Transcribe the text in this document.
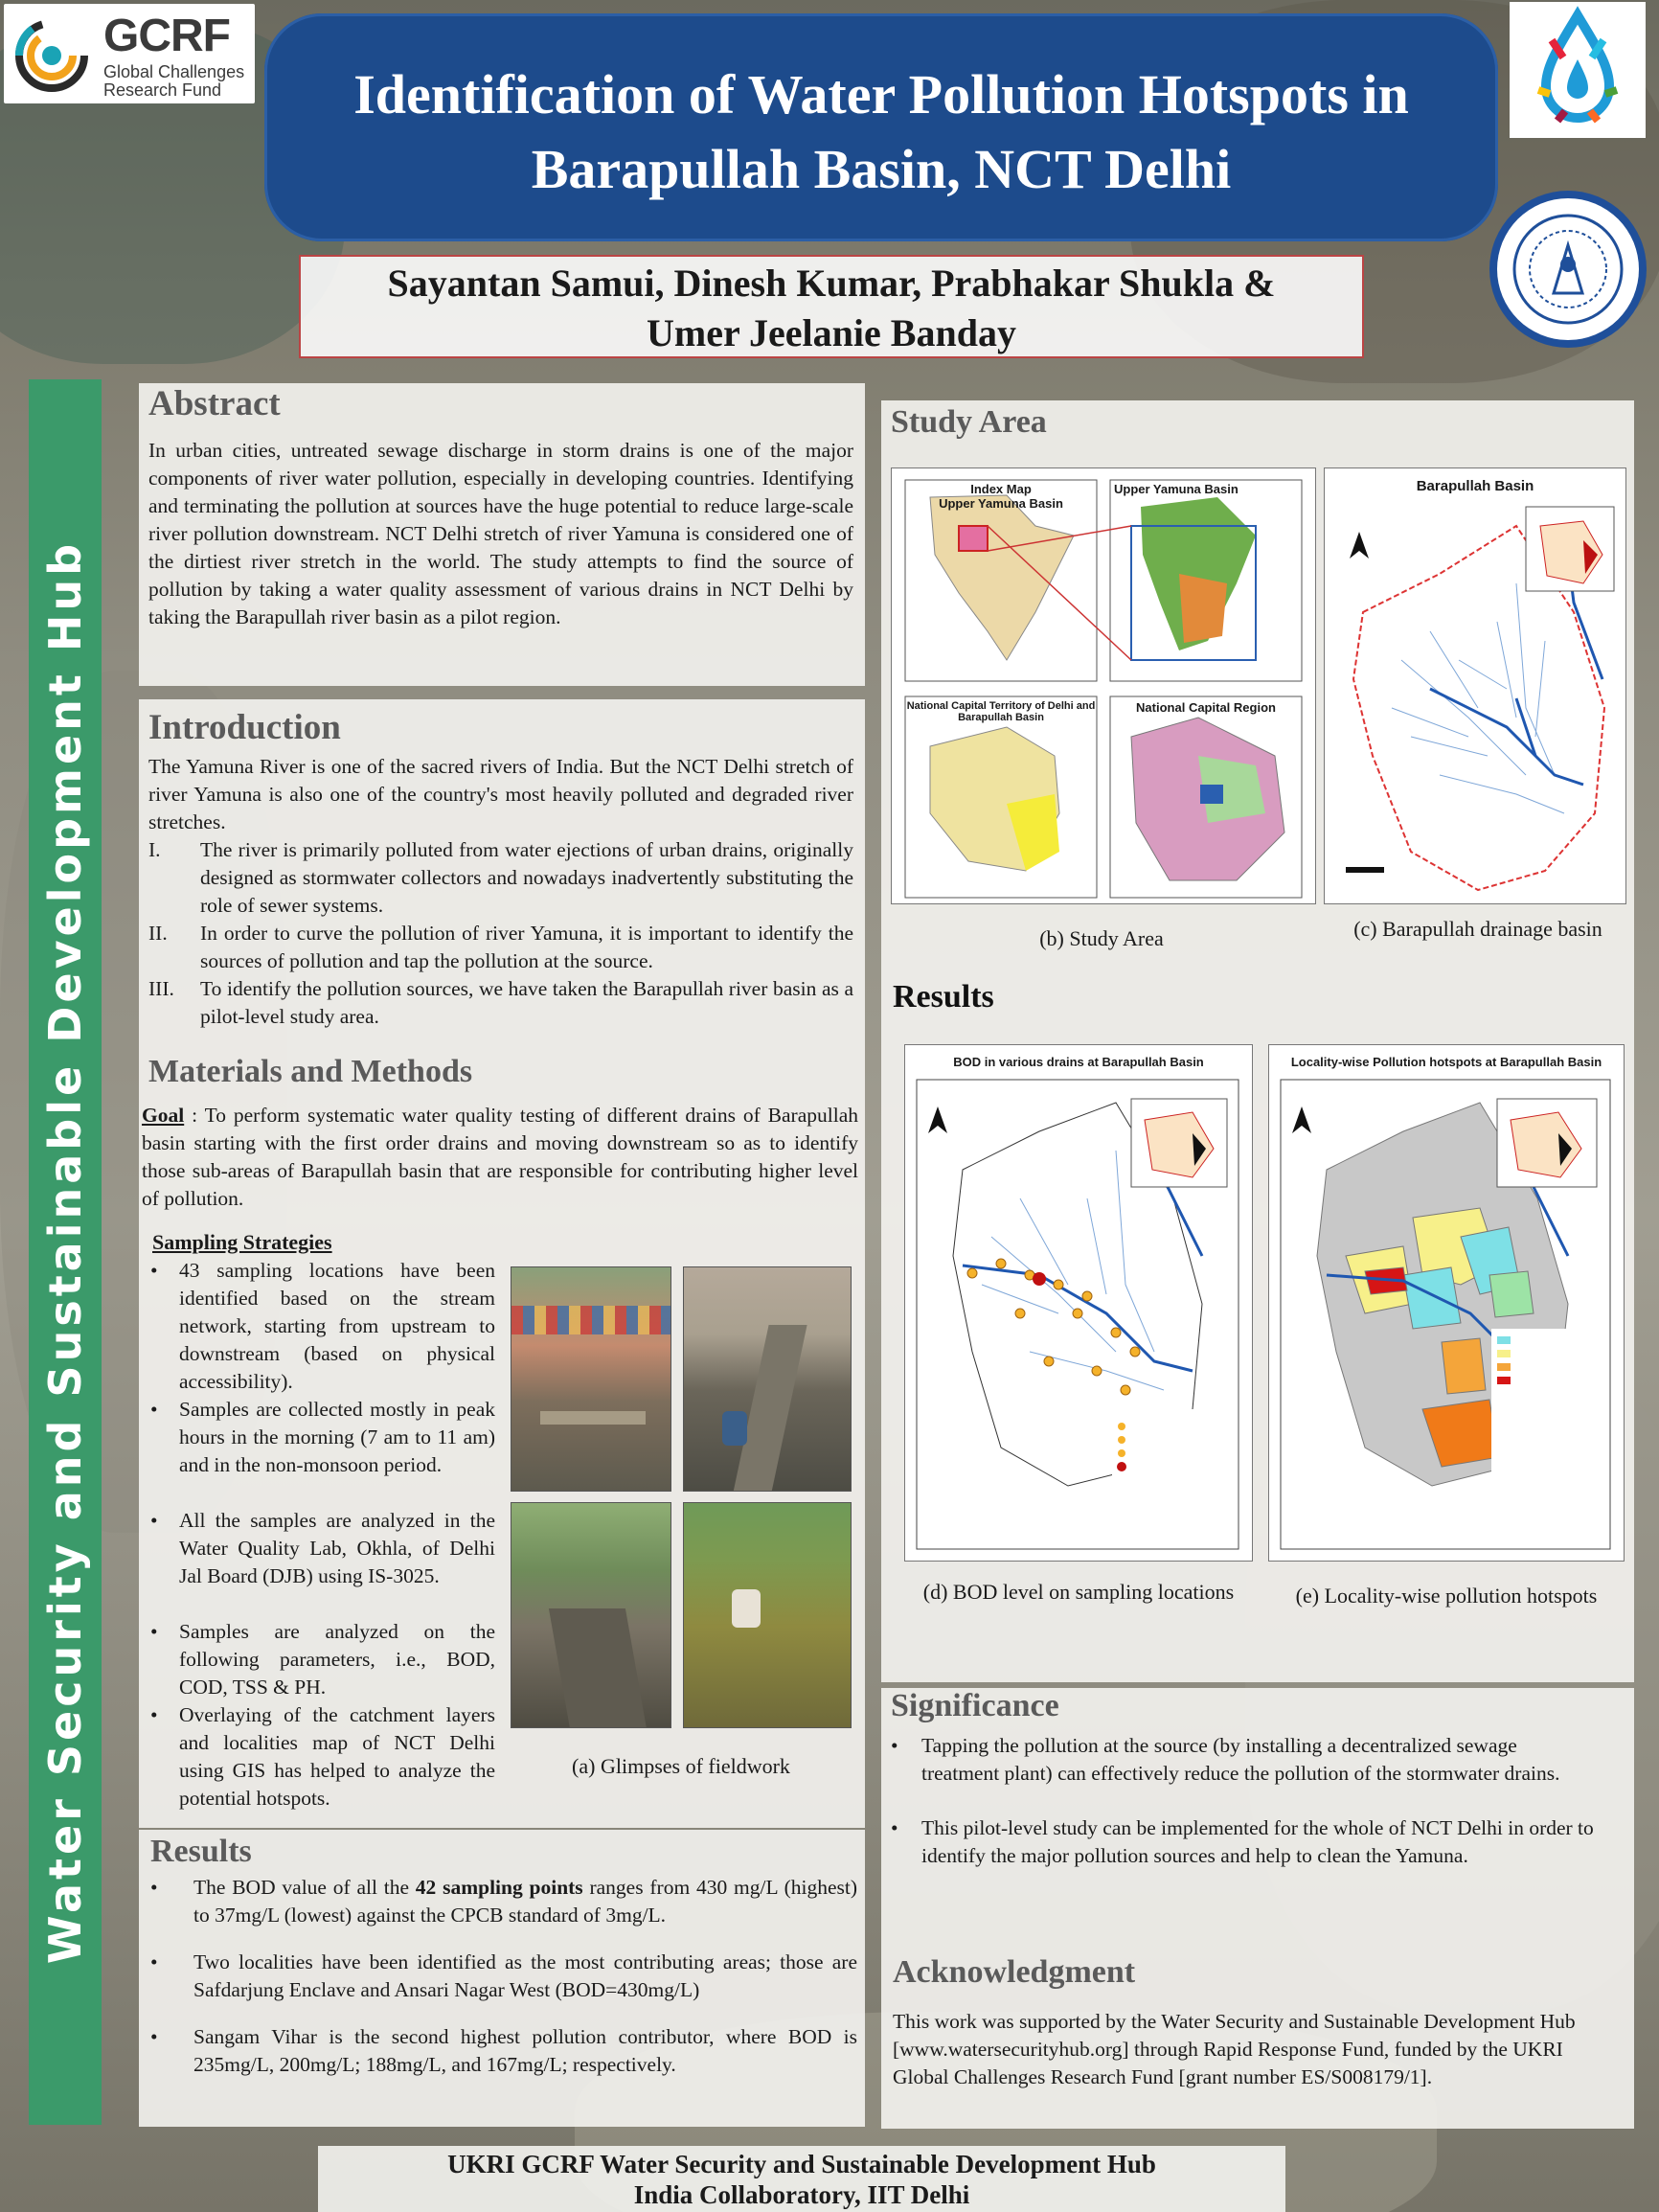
GCRF
Global Challenges
Research Fund	Identification of Water Pollution Hotspots in
Barapullah Basin, NCT Delhi
Sayantan Samui, Dinesh Kumar, Prabhakar Shukla &
Umer Jeelanie Banday
Water Security and Sustainable Development Hub
Abstract
In urban cities, untreated sewage discharge in storm drains is one of the major components of river water pollution, especially in developing countries. Identifying and terminating the pollution at sources have the huge potential to reduce large-scale river pollution downstream. NCT Delhi stretch of river Yamuna is considered one of the dirtiest river stretch in the world. The study attempts to find the source of pollution by taking a water quality assessment of various drains in NCT Delhi by taking the Barapullah river basin as a pilot region.
Introduction
The Yamuna River is one of the sacred rivers of India. But the NCT Delhi stretch of river Yamuna is also one of the country's most heavily polluted and degraded river stretches.
I. The river is primarily polluted from water ejections of urban drains, originally designed as stormwater collectors and nowadays inadvertently substituting the role of sewer systems.
II. In order to curve the pollution of river Yamuna, it is important to identify the sources of pollution and tap the pollution at the source.
III. To identify the pollution sources, we have taken the Barapullah river basin as a pilot-level study area.
Materials and Methods
Goal : To perform systematic water quality testing of different drains of Barapullah basin starting with the first order drains and moving downstream so as to identify those sub-areas of Barapullah basin that are responsible for contributing higher level of pollution.
Sampling Strategies
• 43 sampling locations have been identified based on the stream network, starting from upstream to downstream (based on physical accessibility).
• Samples are collected mostly in peak hours in the morning (7 am to 11 am) and in the non-monsoon period.
• All the samples are analyzed in the Water Quality Lab, Okhla, of Delhi Jal Board (DJB) using IS-3025.
• Samples are analyzed on the following parameters, i.e., BOD, COD, TSS & PH.
• Overlaying of the catchment layers and localities map of NCT Delhi using GIS has helped to analyze the potential hotspots.
(a) Glimpses of fieldwork
Results
• The BOD value of all the 42 sampling points ranges from 430 mg/L (highest) to 37mg/L (lowest) against the CPCB standard of 3mg/L.
• Two localities have been identified as the most contributing areas; those are Safdarjung Enclave and Ansari Nagar West (BOD=430mg/L)
• Sangam Vihar is the second highest pollution contributor, where BOD is 235mg/L, 200mg/L; 188mg/L, and 167mg/L; respectively.
Study Area
Index Map
Upper Yamuna Basin
Upper Yamuna Basin
National Capital Territory of Delhi and Barapullah Basin
National Capital Region
(b) Study Area
Barapullah Basin
(c) Barapullah drainage basin
Results
BOD in various drains at Barapullah Basin
(d) BOD level on sampling locations
Locality-wise Pollution hotspots at Barapullah Basin
(e) Locality-wise pollution hotspots
Significance
• Tapping the pollution at the source (by installing a decentralized sewage treatment plant) can effectively reduce the pollution of the stormwater drains.
• This pilot-level study can be implemented for the whole of NCT Delhi in order to identify the major pollution sources and help to clean the Yamuna.
Acknowledgment
This work was supported by the Water Security and Sustainable Development Hub [www.watersecurityhub.org] through Rapid Response Fund, funded by the UKRI Global Challenges Research Fund [grant number ES/S008179/1].
UKRI GCRF Water Security and Sustainable Development Hub
India Collaboratory, IIT Delhi
